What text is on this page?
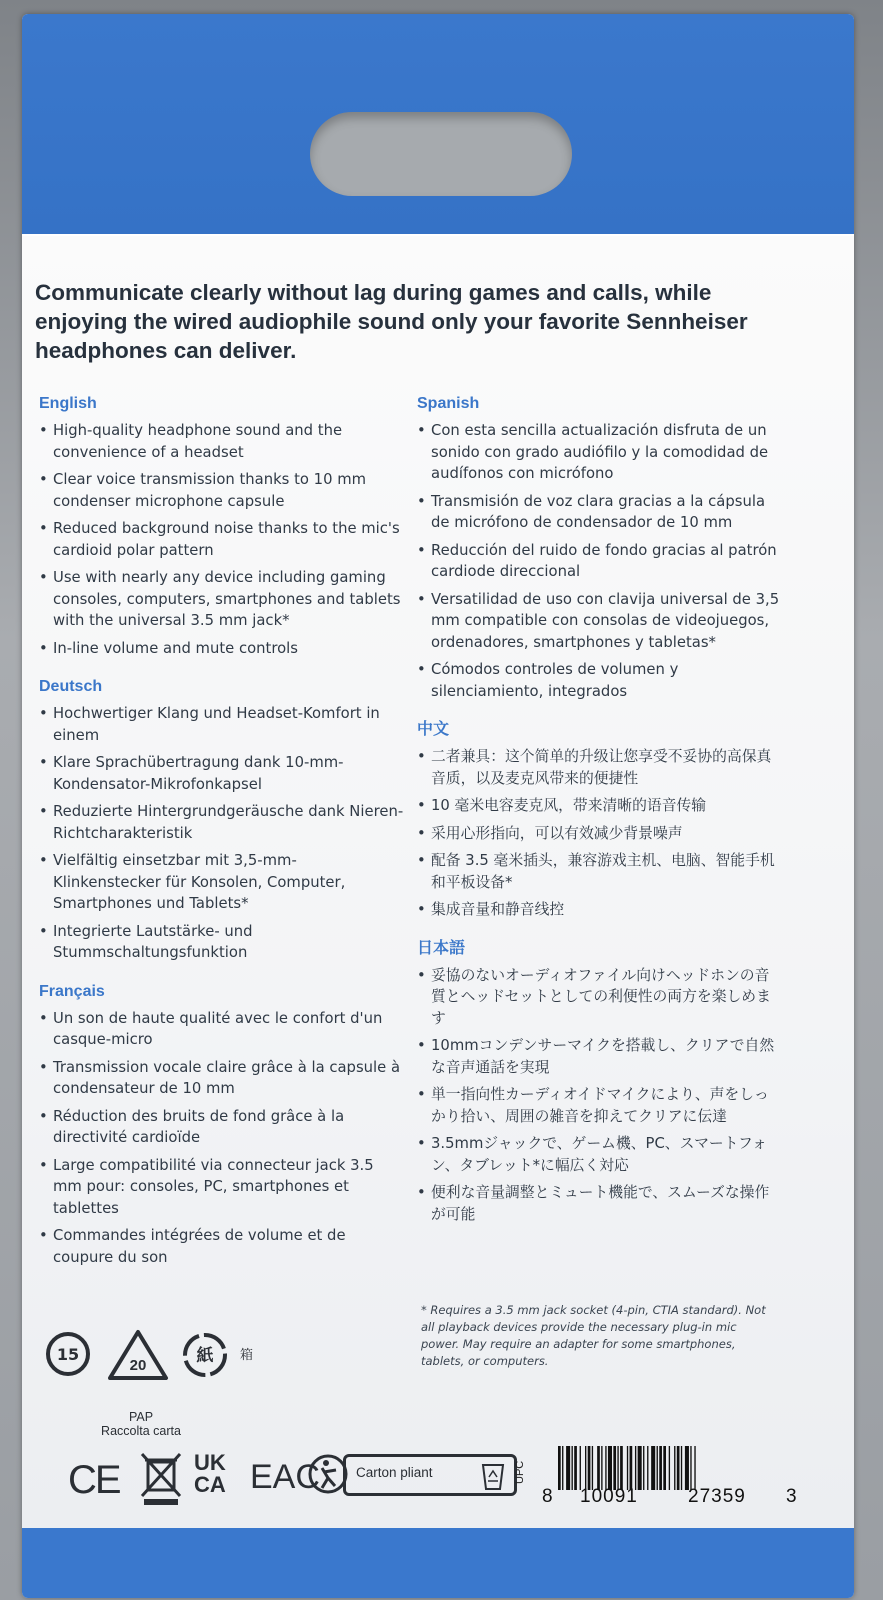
Communicate clearly without lag during games and calls, while enjoying the wired audiophile sound only your favorite Sennheiser headphones can deliver.

English
• High-quality headphone sound and the convenience of a headset
• Clear voice transmission thanks to 10 mm condenser microphone capsule
• Reduced background noise thanks to the mic's cardioid polar pattern
• Use with nearly any device including gaming consoles, computers, smartphones and tablets with the universal 3.5 mm jack*
• In-line volume and mute controls
Deutsch
• Hochwertiger Klang und Headset-Komfort in einem
• Klare Sprachübertragung dank 10-mm-Kondensator-Mikrofonkapsel
• Reduzierte Hintergrundgeräusche dank Nieren-Richtcharakteristik
• Vielfältig einsetzbar mit 3,5-mm-Klinkenstecker für Konsolen, Computer, Smartphones und Tablets*
• Integrierte Lautstärke- und Stummschaltungsfunktion
Français
• Un son de haute qualité avec le confort d'un casque-micro
• Transmission vocale claire grâce à la capsule à condensateur de 10 mm
• Réduction des bruits de fond grâce à la directivité cardioïde
• Large compatibilité via connecteur jack 3.5 mm pour: consoles, PC, smartphones et tablettes
• Commandes intégrées de volume et de coupure du son
Spanish
• Con esta sencilla actualización disfruta de un sonido con grado audiófilo y la comodidad de audífonos con micrófono
• Transmisión de voz clara gracias a la cápsula de micrófono de condensador de 10 mm
• Reducción del ruido de fondo gracias al patrón cardiode direccional
• Versatilidad de uso con clavija universal de 3,5 mm compatible con consolas de videojuegos, ordenadores, smartphones y tabletas*
• Cómodos controles de volumen y silenciamiento, integrados
中文
• 二者兼具：这个简单的升级让您享受不妥协的高保真音质，以及麦克风带来的便捷性
• 10 毫米电容麦克风，带来清晰的语音传输
• 采用心形指向，可以有效减少背景噪声
• 配备 3.5 毫米插头，兼容游戏主机、电脑、智能手机和平板设备*
• 集成音量和静音线控
日本語
• 妥協のないオーディオファイル向けヘッドホンの音質とヘッドセットとしての利便性の両方を楽しめます
• 10mmコンデンサーマイクを搭載し、クリアで自然な音声通話を実現
• 単一指向性カーディオイドマイクにより、声をしっかり拾い、周囲の雑音を抑えてクリアに伝達
• 3.5mmジャックで、ゲーム機、PC、スマートフォン、タブレット*に幅広く対応
• 便利な音量調整とミュート機能で、スムーズな操作が可能

* Requires a 3.5 mm jack socket (4-pin, CTIA standard). Not all playback devices provide the necessary plug-in mic power. May require an adapter for some smartphones, tablets, or computers.

15
20	紙 箱
PAP
Raccolta carta
CE	UK
CA EAC	Carton pliant	UPC
8 10091	27359 3
